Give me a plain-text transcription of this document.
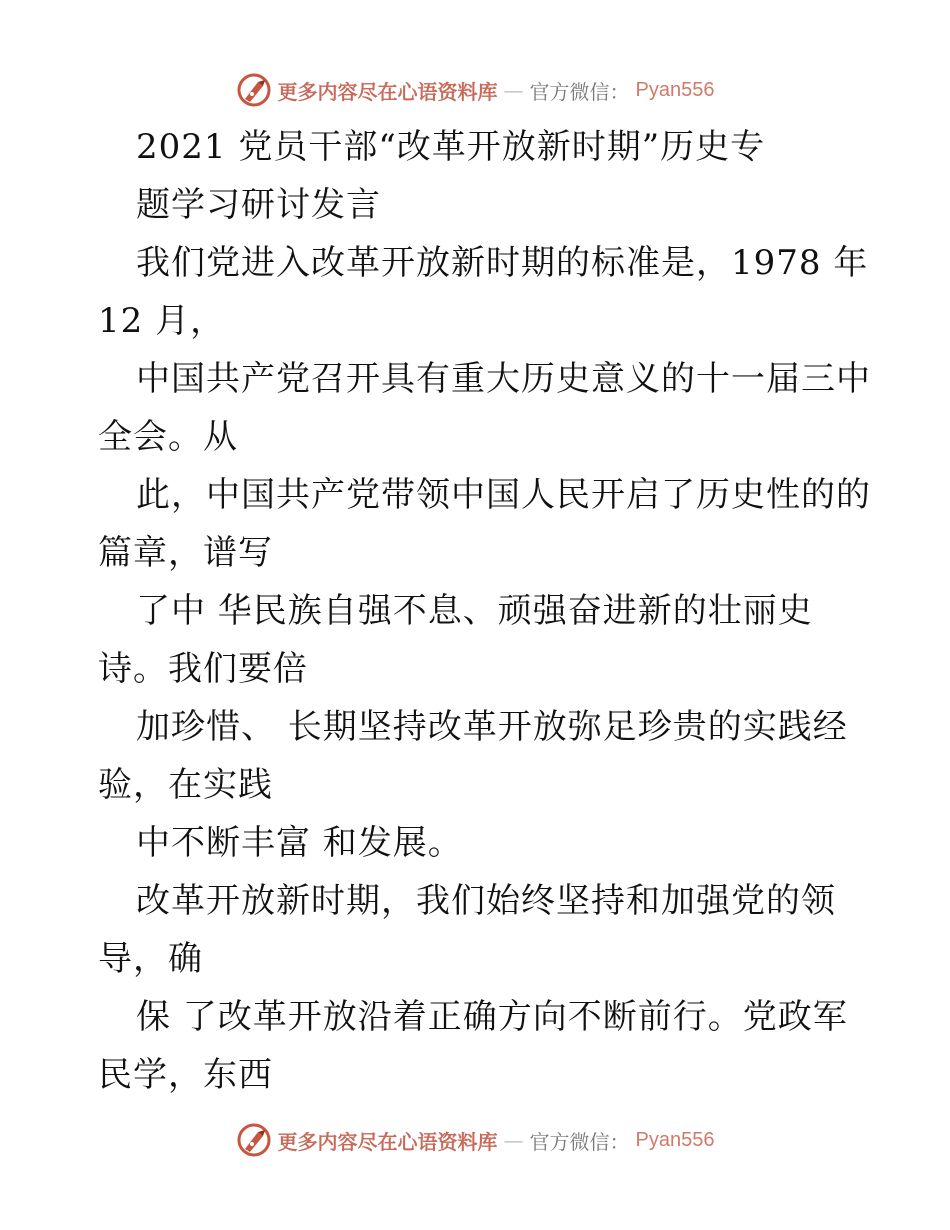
更多内容尽在心语资料库 — 官方微信： Pyan556
2021 党员干部“改革开放新时期”历史专
题学习研讨发言
我们党进入改革开放新时期的标准是，1978 年
12 月，
中国共产党召开具有重大历史意义的十一届三中
全会。从
此，中国共产党带领中国人民开启了历史性的的
篇章，谱写
了中 华民族自强不息、顽强奋进新的壮丽史
诗。我们要倍
加珍惜、 长期坚持改革开放弥足珍贵的实践经
验，在实践
中不断丰富 和发展。
改革开放新时期，我们始终坚持和加强党的领
导，确
保 了改革开放沿着正确方向不断前行。党政军
民学，东西
更多内容尽在心语资料库 — 官方微信： Pyan556
